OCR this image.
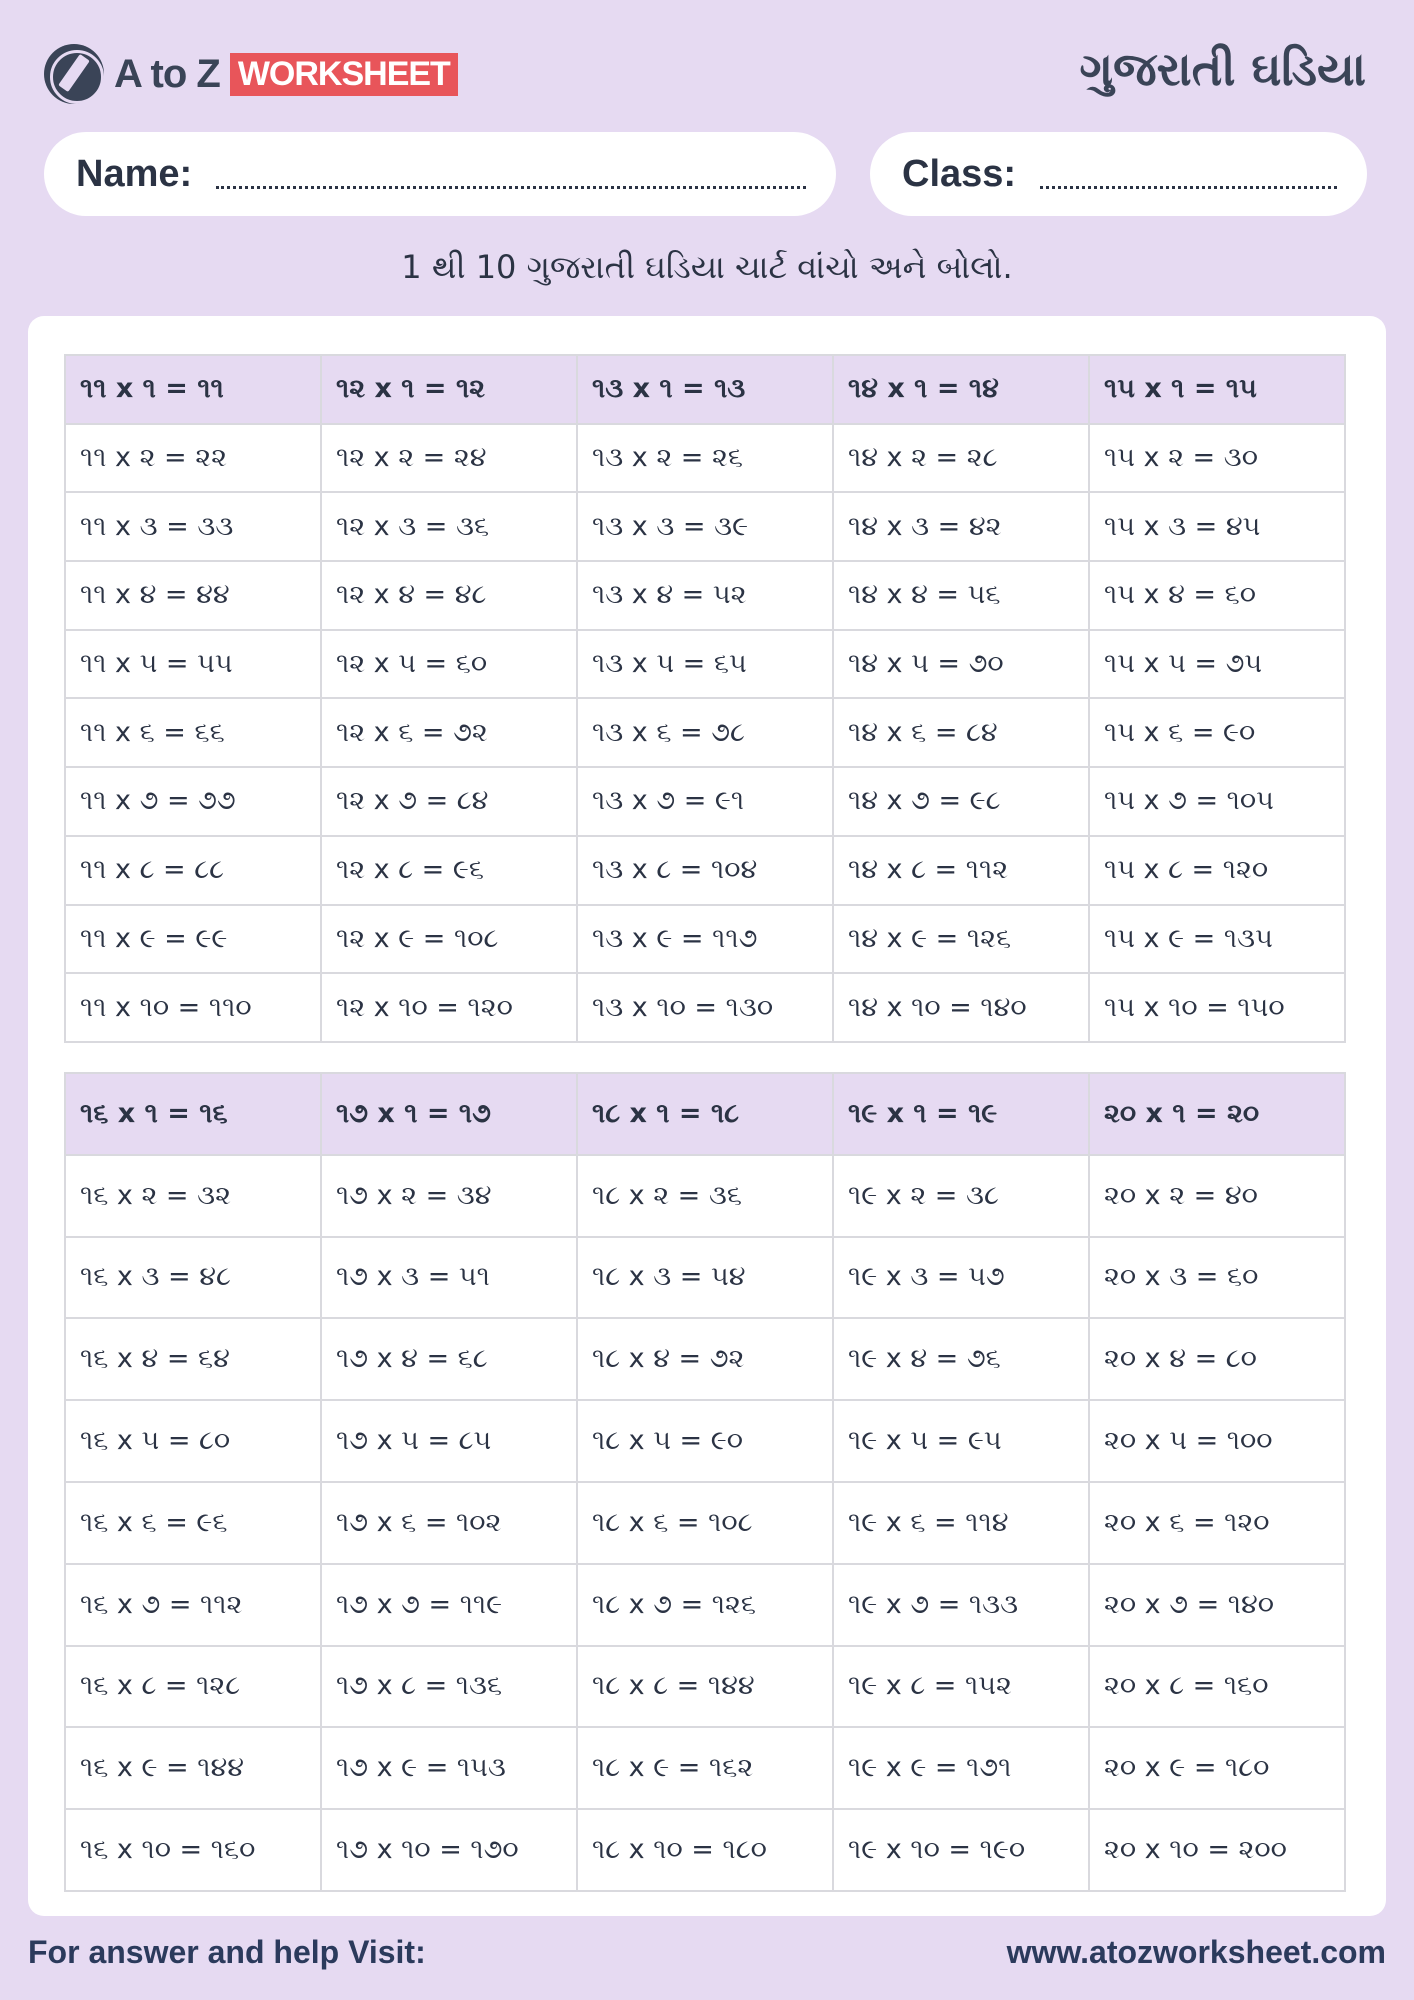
A to Z WORKSHEET	ગુજરાતી ઘડિયા
Name:	Class:
1 થી 10 ગુજરાતી ઘડિયા ચાર્ટ વાંચો અને બોલો.
૧૧ x ૧ = ૧૧	૧૨ x ૧ = ૧૨	૧૩ x ૧ = ૧૩	૧૪ x ૧ = ૧૪	૧૫ x ૧ = ૧૫
૧૧ x ૨ = ૨૨	૧૨ x ૨ = ૨૪	૧૩ x ૨ = ૨૬	૧૪ x ૨ = ૨૮	૧૫ x ૨ = ૩૦
૧૧ x ૩ = ૩૩	૧૨ x ૩ = ૩૬	૧૩ x ૩ = ૩૯	૧૪ x ૩ = ૪૨	૧૫ x ૩ = ૪૫
૧૧ x ૪ = ૪૪	૧૨ x ૪ = ૪૮	૧૩ x ૪ = ૫૨	૧૪ x ૪ = ૫૬	૧૫ x ૪ = ૬૦
૧૧ x ૫ = ૫૫	૧૨ x ૫ = ૬૦	૧૩ x ૫ = ૬૫	૧૪ x ૫ = ૭૦	૧૫ x ૫ = ૭૫
૧૧ x ૬ = ૬૬	૧૨ x ૬ = ૭૨	૧૩ x ૬ = ૭૮	૧૪ x ૬ = ૮૪	૧૫ x ૬ = ૯૦
૧૧ x ૭ = ૭૭	૧૨ x ૭ = ૮૪	૧૩ x ૭ = ૯૧	૧૪ x ૭ = ૯૮	૧૫ x ૭ = ૧૦૫
૧૧ x ૮ = ૮૮	૧૨ x ૮ = ૯૬	૧૩ x ૮ = ૧૦૪	૧૪ x ૮ = ૧૧૨	૧૫ x ૮ = ૧૨૦
૧૧ x ૯ = ૯૯	૧૨ x ૯ = ૧૦૮	૧૩ x ૯ = ૧૧૭	૧૪ x ૯ = ૧૨૬	૧૫ x ૯ = ૧૩૫
૧૧ x ૧૦ = ૧૧૦	૧૨ x ૧૦ = ૧૨૦	૧૩ x ૧૦ = ૧૩૦	૧૪ x ૧૦ = ૧૪૦	૧૫ x ૧૦ = ૧૫૦
૧૬ x ૧ = ૧૬	૧૭ x ૧ = ૧૭	૧૮ x ૧ = ૧૮	૧૯ x ૧ = ૧૯	૨૦ x ૧ = ૨૦
૧૬ x ૨ = ૩૨	૧૭ x ૨ = ૩૪	૧૮ x ૨ = ૩૬	૧૯ x ૨ = ૩૮	૨૦ x ૨ = ૪૦
૧૬ x ૩ = ૪૮	૧૭ x ૩ = ૫૧	૧૮ x ૩ = ૫૪	૧૯ x ૩ = ૫૭	૨૦ x ૩ = ૬૦
૧૬ x ૪ = ૬૪	૧૭ x ૪ = ૬૮	૧૮ x ૪ = ૭૨	૧૯ x ૪ = ૭૬	૨૦ x ૪ = ૮૦
૧૬ x ૫ = ૮૦	૧૭ x ૫ = ૮૫	૧૮ x ૫ = ૯૦	૧૯ x ૫ = ૯૫	૨૦ x ૫ = ૧૦૦
૧૬ x ૬ = ૯૬	૧૭ x ૬ = ૧૦૨	૧૮ x ૬ = ૧૦૮	૧૯ x ૬ = ૧૧૪	૨૦ x ૬ = ૧૨૦
૧૬ x ૭ = ૧૧૨	૧૭ x ૭ = ૧૧૯	૧૮ x ૭ = ૧૨૬	૧૯ x ૭ = ૧૩૩	૨૦ x ૭ = ૧૪૦
૧૬ x ૮ = ૧૨૮	૧૭ x ૮ = ૧૩૬	૧૮ x ૮ = ૧૪૪	૧૯ x ૮ = ૧૫૨	૨૦ x ૮ = ૧૬૦
૧૬ x ૯ = ૧૪૪	૧૭ x ૯ = ૧૫૩	૧૮ x ૯ = ૧૬૨	૧૯ x ૯ = ૧૭૧	૨૦ x ૯ = ૧૮૦
૧૬ x ૧૦ = ૧૬૦	૧૭ x ૧૦ = ૧૭૦	૧૮ x ૧૦ = ૧૮૦	૧૯ x ૧૦ = ૧૯૦	૨૦ x ૧૦ = ૨૦૦
For answer and help Visit:	www.atozworksheet.com
